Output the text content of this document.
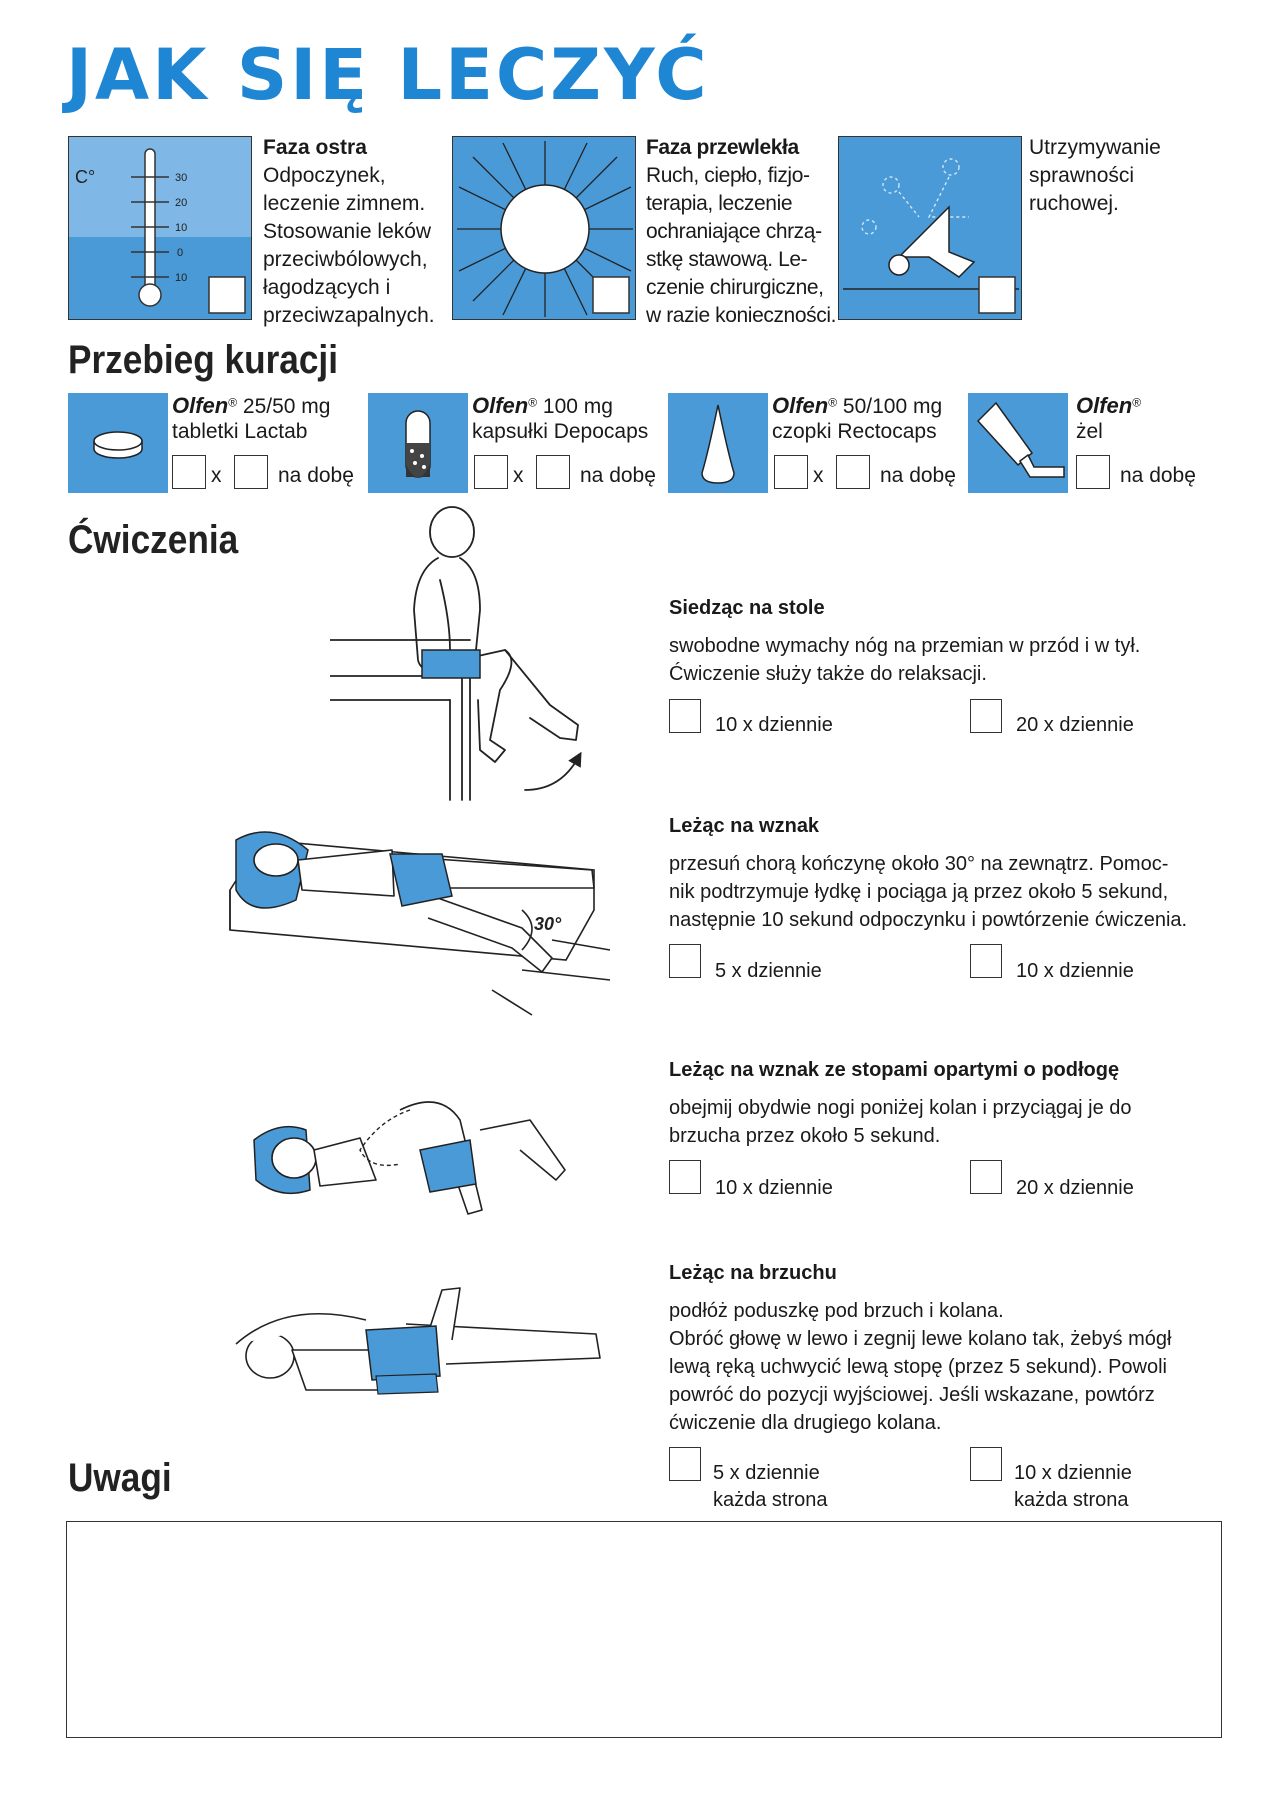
JAK SIĘ LECZYĆ
30
20
10
0
10
C°
Faza ostra
Odpoczynek,
leczenie zimnem.
Stosowanie leków
przeciwbólowych,
łagodzących i
przeciwzapalnych.
Faza przewlekła
Ruch, ciepło, fizjo-
terapia, leczenie
ochraniające chrzą-
stkę stawową. Le-
czenie chirurgiczne,
w razie konieczności.
Utrzymywanie
sprawności
ruchowej.
Przebieg kuracji
Olfen® 25/50 mg
tabletki Lactab
x	na dobę
Olfen® 100 mg
kapsułki Depocaps
x	na dobę
Olfen® 50/100 mg
czopki Rectocaps
x	na dobę
Olfen®
żel
na dobę
Ćwiczenia
Siedząc na stole
swobodne wymachy nóg na przemian w przód i w tył.
Ćwiczenie służy także do relaksacji.
10 x dziennie	20 x dziennie
30°
Leżąc na wznak
przesuń chorą kończynę około 30° na zewnątrz. Pomoc-
nik podtrzymuje łydkę i pociąga ją przez około 5 sekund,
następnie 10 sekund odpoczynku i powtórzenie ćwiczenia.
5 x dziennie	10 x dziennie
Leżąc na wznak ze stopami opartymi o podłogę
obejmij obydwie nogi poniżej kolan i przyciągaj je do
brzucha przez około 5 sekund.
10 x dziennie	20 x dziennie
Leżąc na brzuchu
podłóż poduszkę pod brzuch i kolana.
Obróć głowę w lewo i zegnij lewe kolano tak, żebyś mógł
lewą ręką uchwycić lewą stopę (przez 5 sekund). Powoli
powróć do pozycji wyjściowej. Jeśli wskazane, powtórz
ćwiczenie dla drugiego kolana.
5 x dziennie
każda strona
10 x dziennie
każda strona
Uwagi
